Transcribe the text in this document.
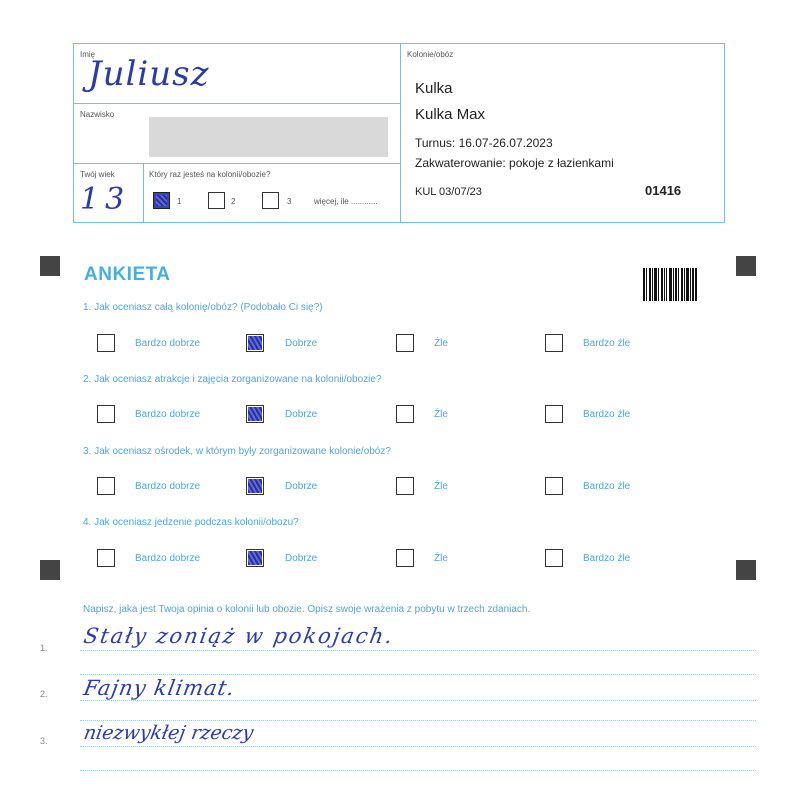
Imię
Juliusz
Nazwisko
Twój wiek
13
Który raz jesteś na kolonii/obozie?
1	2	3	więcej, ile ............
Kolonie/obóz
Kulka
Kulka Max
Turnus: 16.07-26.07.2023
Zakwaterowanie: pokoje z łazienkami
KUL 03/07/23	01416
ANKIETA
1. Jak oceniasz całą kolonię/obóz? (Podobało Ci się?)
Bardzo dobrze	Dobrze	Źle	Bardzo źle
2. Jak oceniasz atrakcje i zajęcia zorganizowane na kolonii/obozie?
Bardzo dobrze	Dobrze	Źle	Bardzo źle
3. Jak oceniasz ośrodek, w którym były zorganizowane kolonie/obóz?
Bardzo dobrze	Dobrze	Źle	Bardzo źle
4. Jak oceniasz jedzenie podczas kolonii/obozu?
Bardzo dobrze	Dobrze	Źle	Bardzo źle
Napisz, jaka jest Twoja opinia o kolonii lub obozie. Opisz swoje wrażenia z pobytu w trzech zdaniach.
1. Stały zoniąż w pokojach.
2. Fajny klimat.
3. niezwykłej rzeczy
